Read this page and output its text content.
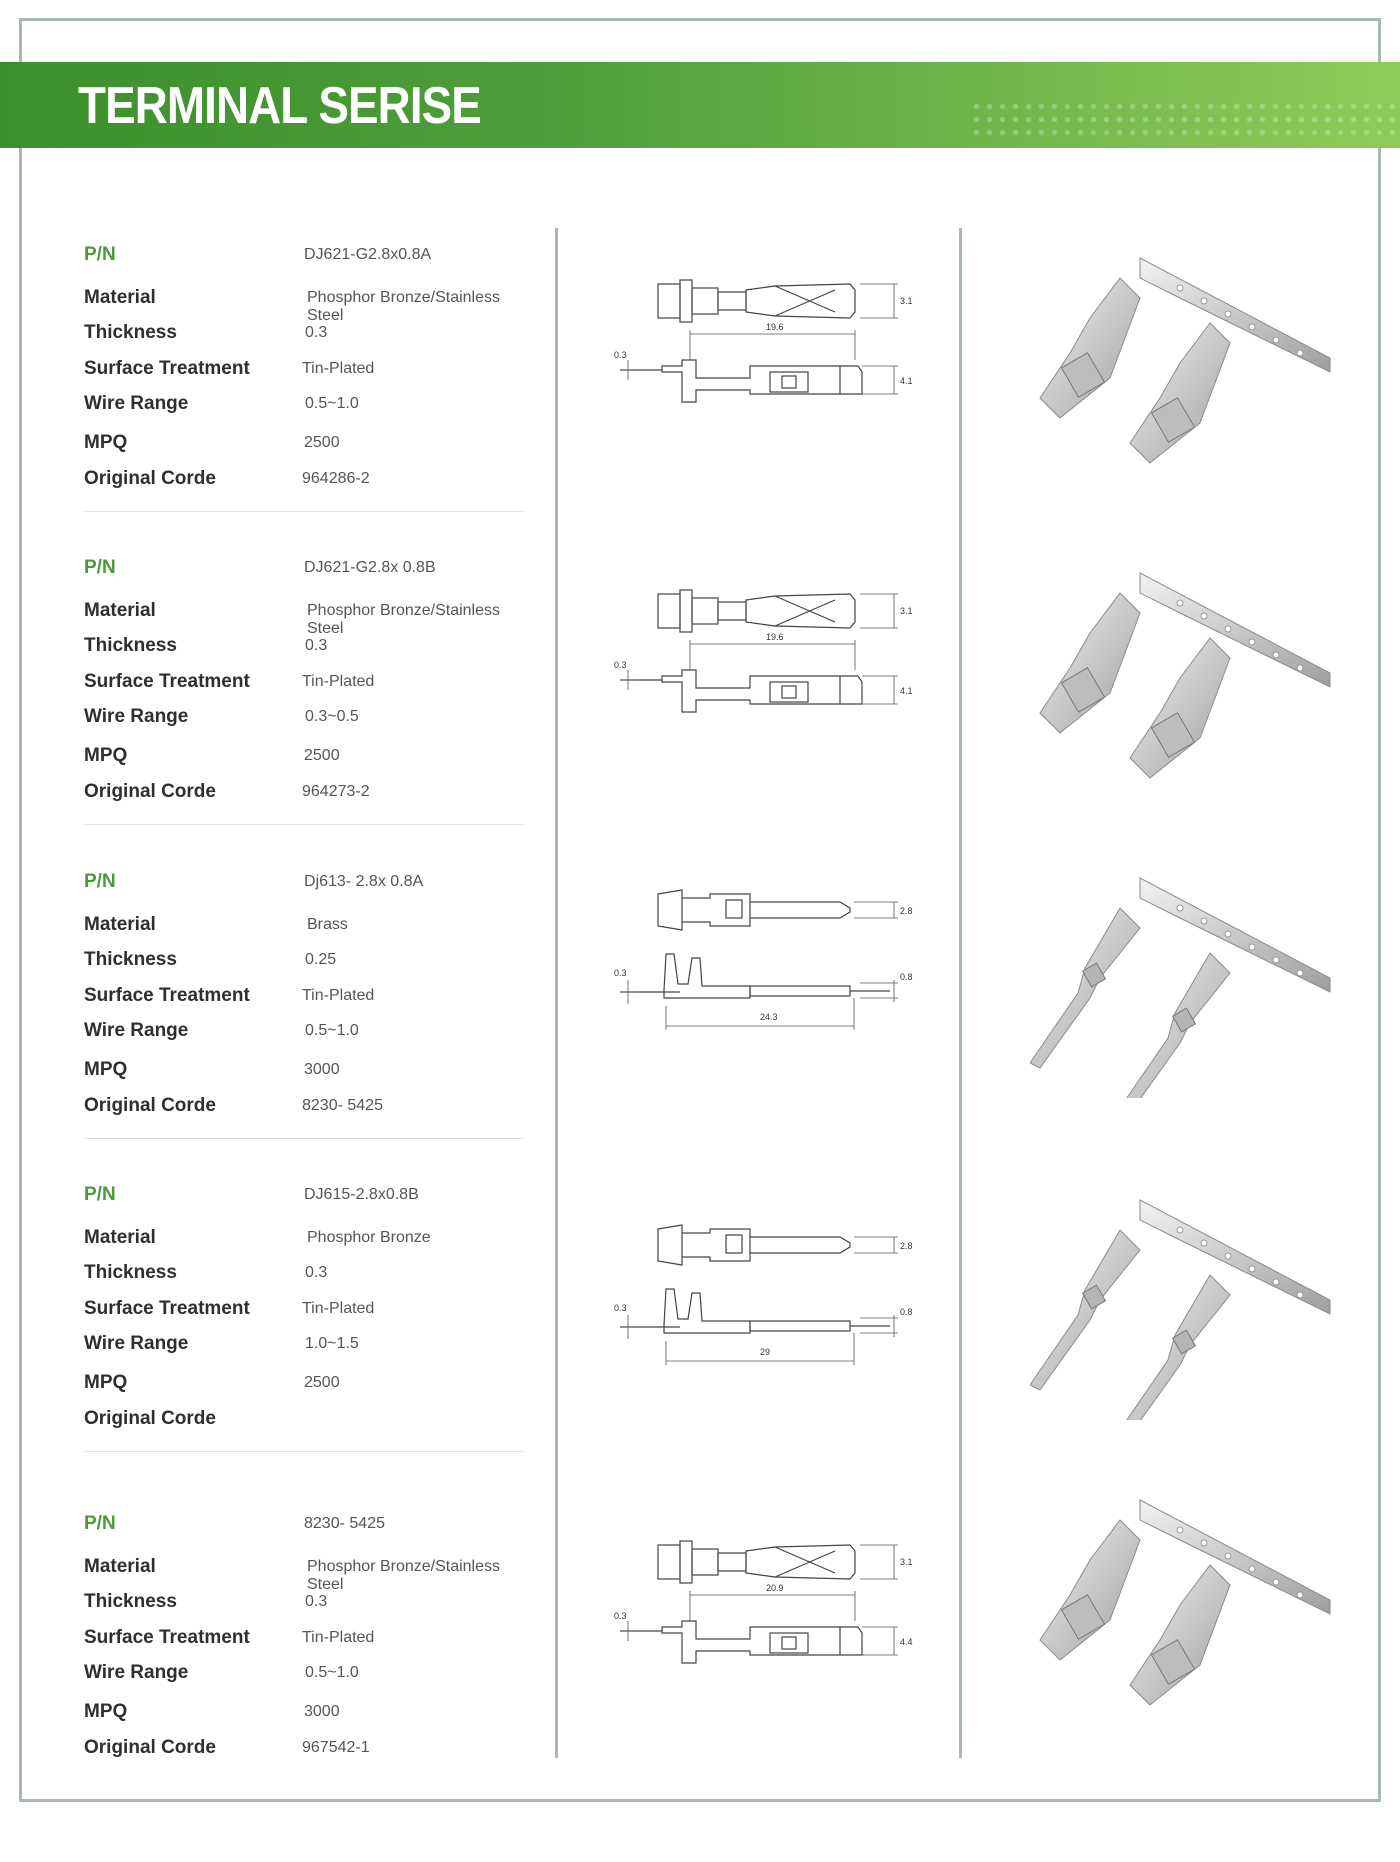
TERMINAL SERISE
P/N	DJ621-G2.8x0.8A
Material	Phosphor Bronze/Stainless Steel
Thickness	0.3
Surface Treatment	Tin-Plated
Wire Range	0.5~1.0
MPQ	2500
Original Corde	964286-2
3.1
19.6
0.3
4.1
P/N	DJ621-G2.8x 0.8B
Material	Phosphor Bronze/Stainless Steel
Thickness	0.3
Surface Treatment	Tin-Plated
Wire Range	0.3~0.5
MPQ	2500
Original Corde	964273-2
3.1
19.6
0.3
4.1
P/N	Dj613- 2.8x 0.8A
Material	Brass
Thickness	0.25
Surface Treatment	Tin-Plated
Wire Range	0.5~1.0
MPQ	3000
Original Corde	8230- 5425
2.8
0.8
0.3
24.3
P/N	DJ615-2.8x0.8B
Material	Phosphor Bronze
Thickness	0.3
Surface Treatment	Tin-Plated
Wire Range	1.0~1.5
MPQ	2500
Original Corde
2.8
0.8
0.3
29
P/N	8230- 5425
Material	Phosphor Bronze/Stainless Steel
Thickness	0.3
Surface Treatment	Tin-Plated
Wire Range	0.5~1.0
MPQ	3000
Original Corde	967542-1
3.1
20.9
0.3
4.4
